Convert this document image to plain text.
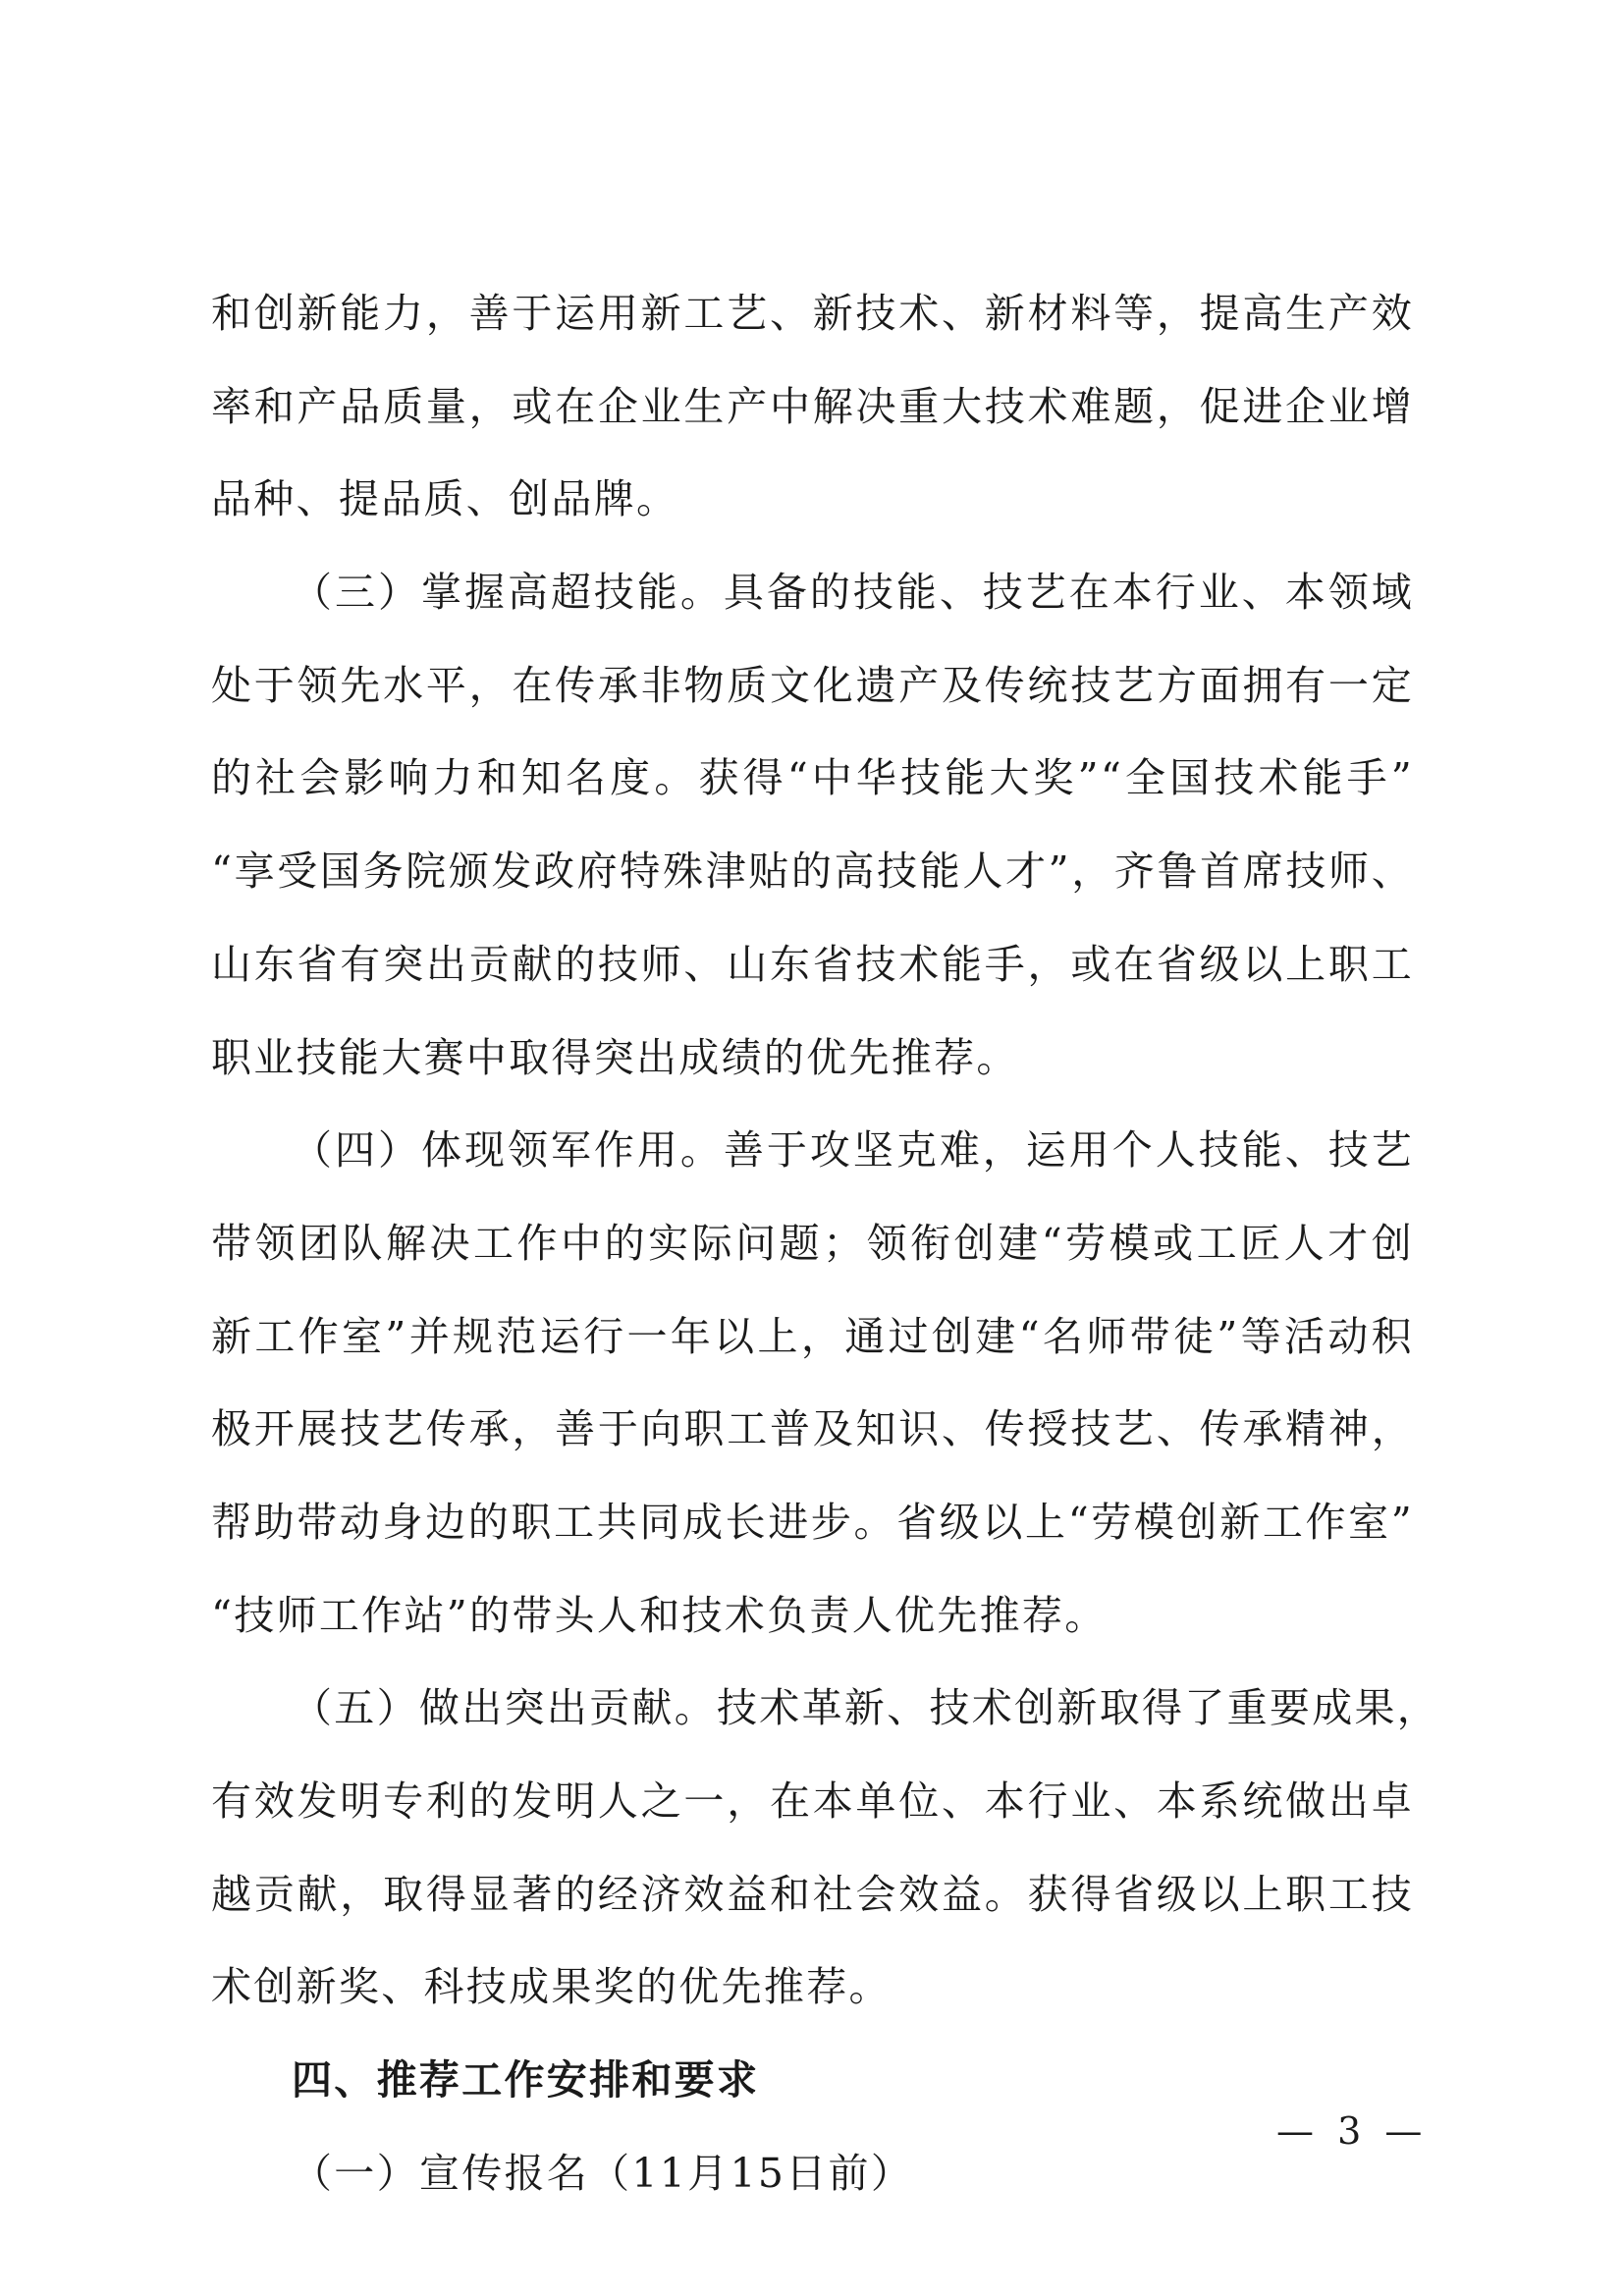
和创新能力，善于运用新工艺、新技术、新材料等，提高生产效
率和产品质量，或在企业生产中解决重大技术难题，促进企业增
品种、提品质、创品牌。
（三）掌握高超技能。具备的技能、技艺在本行业、本领域
处于领先水平，在传承非物质文化遗产及传统技艺方面拥有一定
的社会影响力和知名度。获得“中华技能大奖”“全国技术能手”
“享受国务院颁发政府特殊津贴的高技能人才”，齐鲁首席技师、
山东省有突出贡献的技师、山东省技术能手，或在省级以上职工
职业技能大赛中取得突出成绩的优先推荐。
（四）体现领军作用。善于攻坚克难，运用个人技能、技艺
带领团队解决工作中的实际问题；领衔创建“劳模或工匠人才创
新工作室”并规范运行一年以上，通过创建“名师带徒”等活动积
极开展技艺传承，善于向职工普及知识、传授技艺、传承精神，
帮助带动身边的职工共同成长进步。省级以上“劳模创新工作室”
“技师工作站”的带头人和技术负责人优先推荐。
（五）做出突出贡献。技术革新、技术创新取得了重要成果，
有效发明专利的发明人之一，在本单位、本行业、本系统做出卓
越贡献，取得显著的经济效益和社会效益。获得省级以上职工技
术创新奖、科技成果奖的优先推荐。
四、推荐工作安排和要求
（一）宣传报名（11月15日前）
— 3 —
